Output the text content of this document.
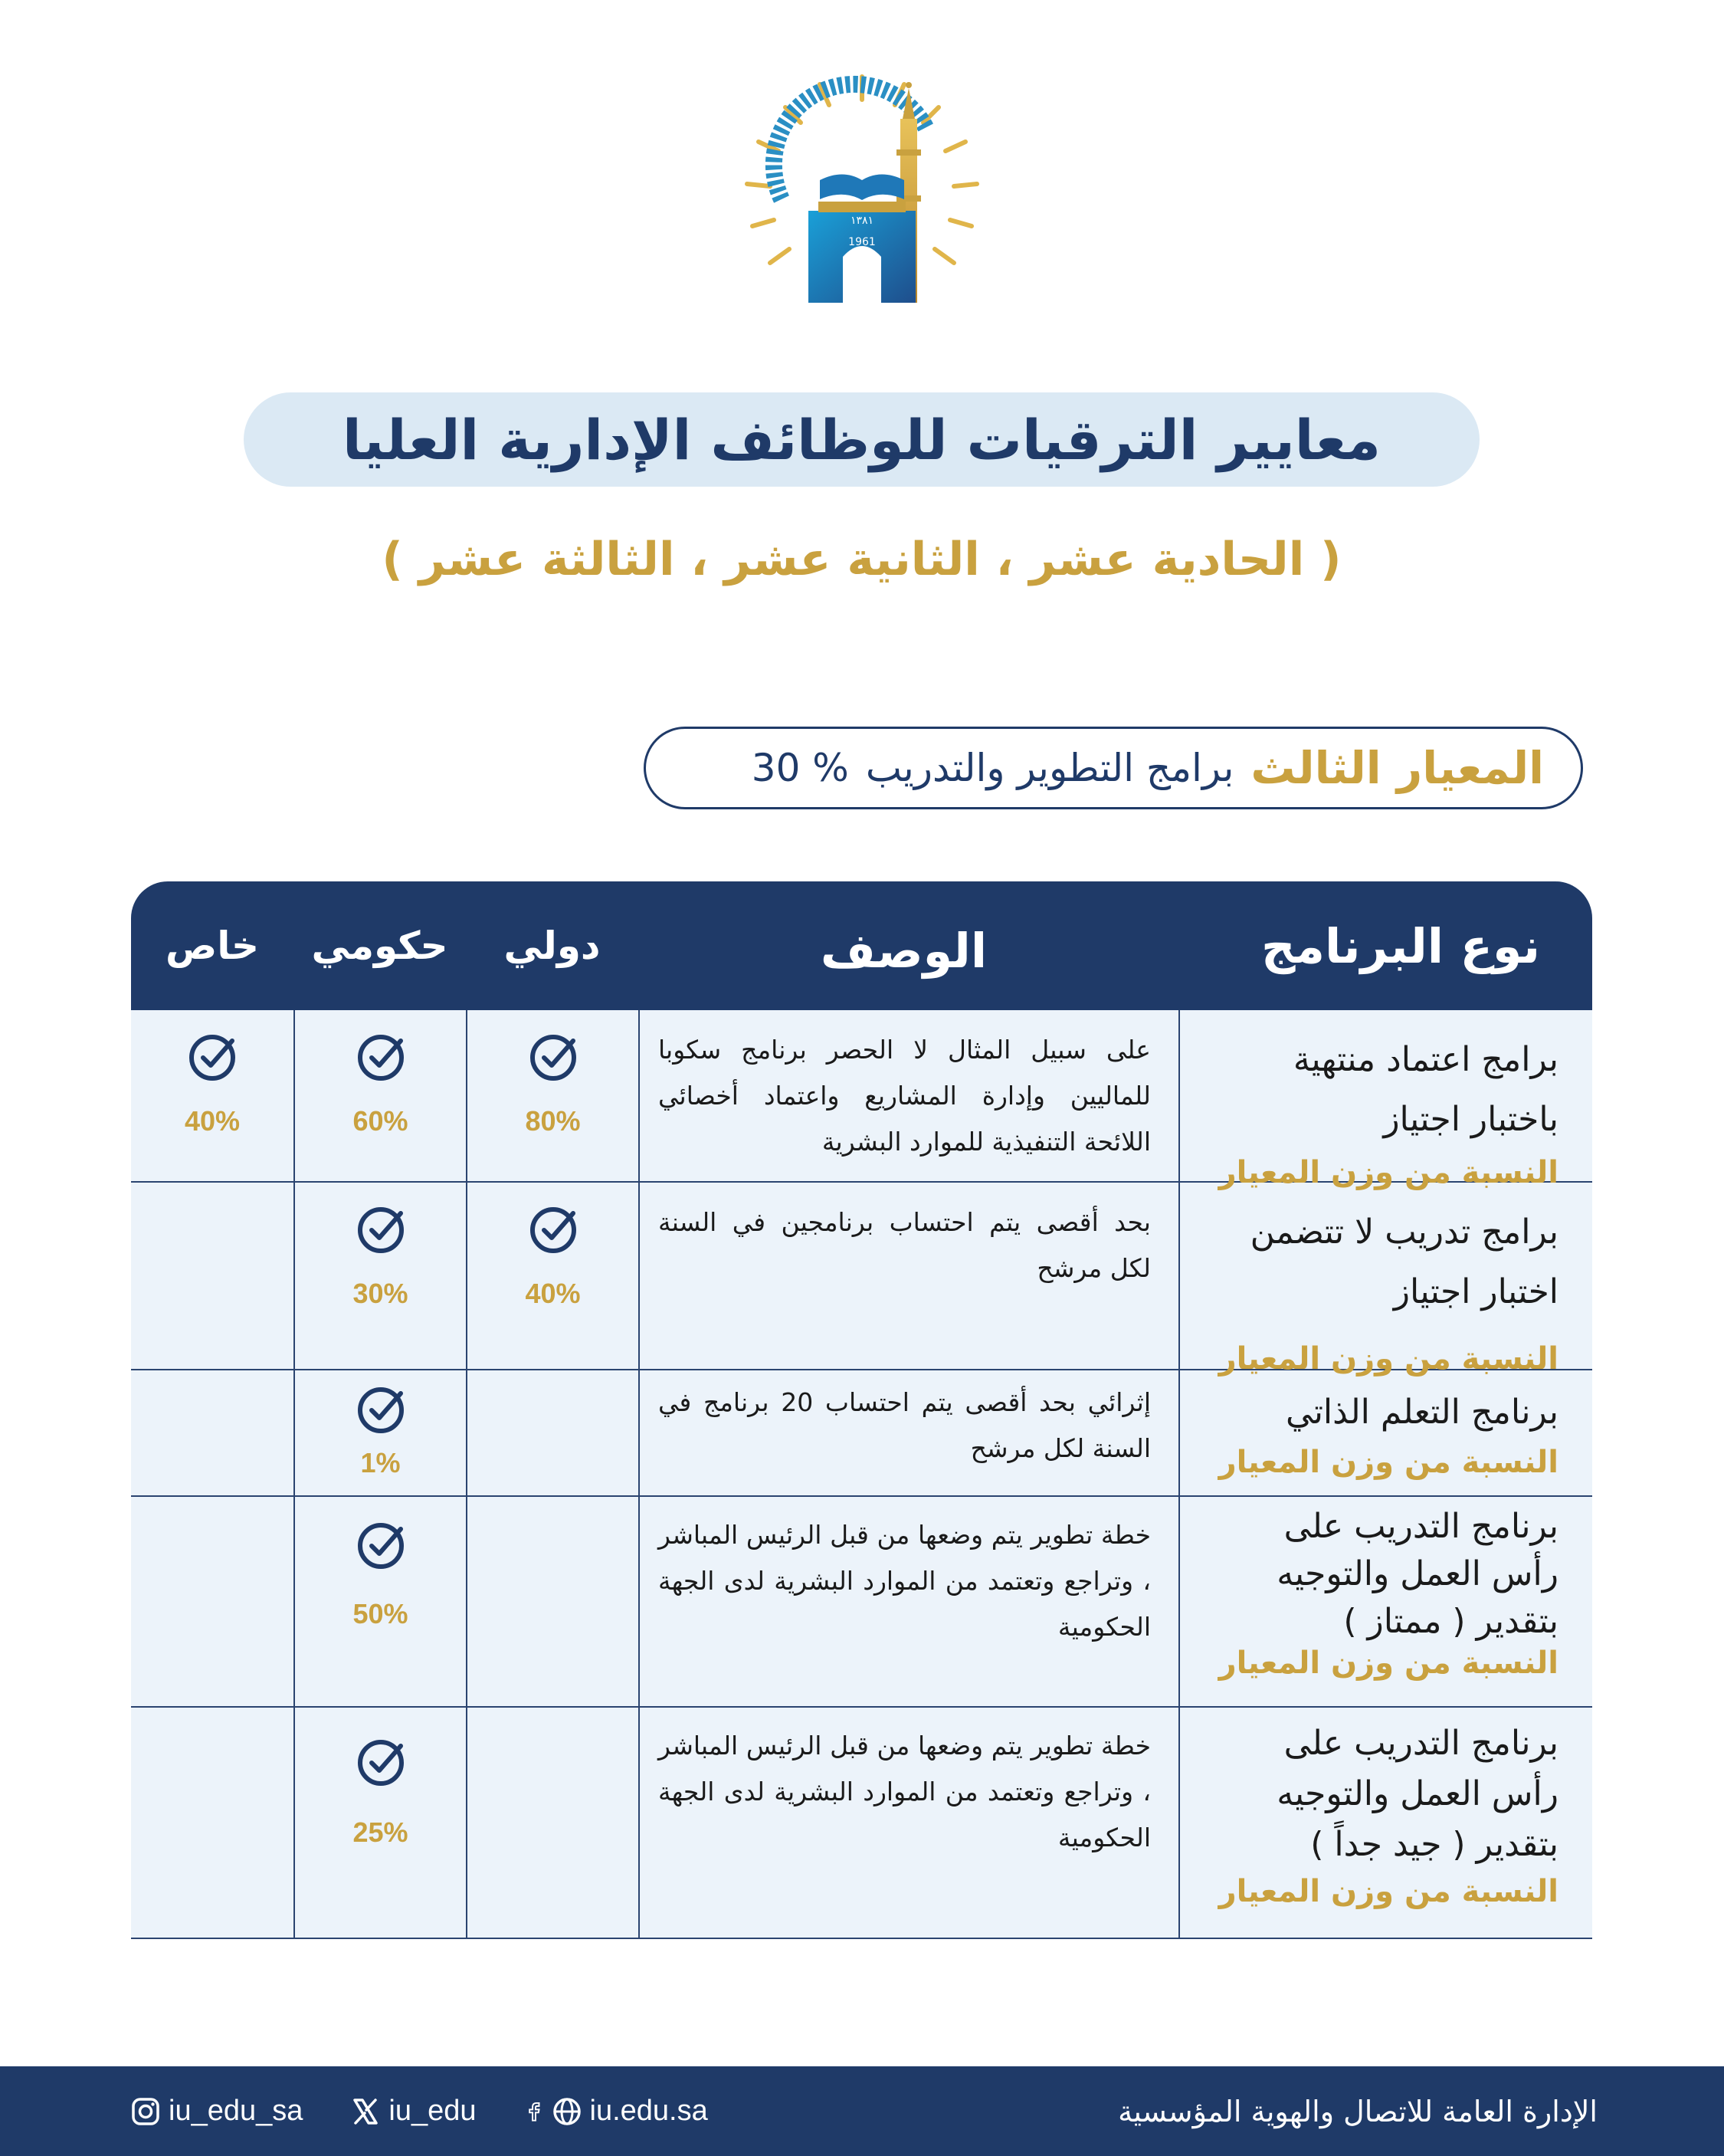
١٣٨١
1961
معايير الترقيات للوظائف الإدارية العليا
( الحادية عشر ، الثانية عشر ، الثالثة عشر )
المعيار الثالث
برامج التطوير والتدريب
30 %
نوع البرنامج
الوصف
دولي
حكومي
خاص
برامج اعتماد منتهية باختبار اجتياز
النسبة من وزن المعيار
على سبيل المثال لا الحصر برنامج سكوبا للماليين وإدارة المشاريع واعتماد أخصائي اللائحة التنفيذية للموارد البشرية
80%
60%
40%
برامج تدريب لا تتضمن اختبار اجتياز
النسبة من وزن المعيار
بحد أقصى يتم احتساب برنامجين في السنة لكل مرشح
40%
30%
برنامج التعلم الذاتي
النسبة من وزن المعيار
إثرائي بحد أقصى يتم احتساب 20 برنامج في السنة لكل مرشح
1%
برنامج التدريب على رأس العمل والتوجيه بتقدير ( ممتاز )
النسبة من وزن المعيار
خطة تطوير يتم وضعها من قبل الرئيس المباشر ، وتراجع وتعتمد من الموارد البشرية لدى الجهة الحكومية
50%
برنامج التدريب على رأس العمل والتوجيه بتقدير ( جيد جداً )
النسبة من وزن المعيار
خطة تطوير يتم وضعها من قبل الرئيس المباشر ، وتراجع وتعتمد من الموارد البشرية لدى الجهة الحكومية
25%
الإدارة العامة للاتصال والهوية المؤسسية
iu_edu_sa	iu_edu	iu.edu.sa
